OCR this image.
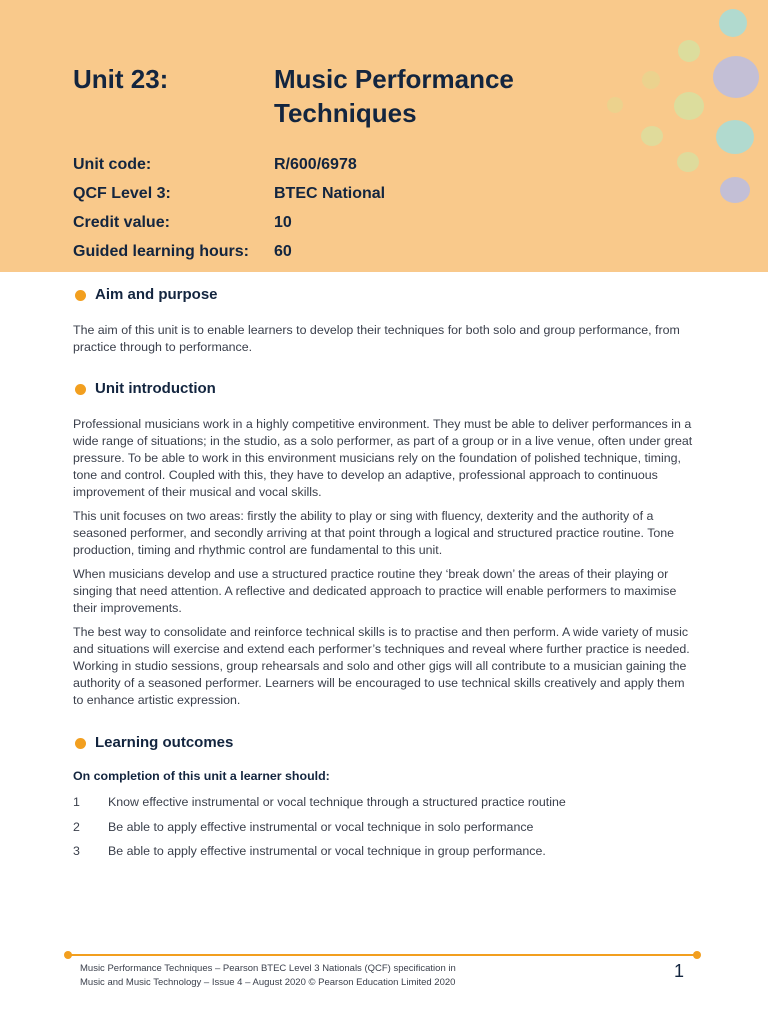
Unit 23:	Music Performance Techniques
Unit code:	R/600/6978
QCF Level 3:	BTEC National
Credit value:	10
Guided learning hours:	60
Aim and purpose

The aim of this unit is to enable learners to develop their techniques for both solo and group performance, from practice through to performance.

Unit introduction

Professional musicians work in a highly competitive environment. They must be able to deliver performances in a wide range of situations; in the studio, as a solo performer, as part of a group or in a live venue, often under great pressure. To be able to work in this environment musicians rely on the foundation of polished technique, timing, tone and control. Coupled with this, they have to develop an adaptive, professional approach to continuous improvement of their musical and vocal skills.

This unit focuses on two areas: firstly the ability to play or sing with fluency, dexterity and the authority of a seasoned performer, and secondly arriving at that point through a logical and structured practice routine. Tone production, timing and rhythmic control are fundamental to this unit.

When musicians develop and use a structured practice routine they ‘break down’ the areas of their playing or singing that need attention. A reflective and dedicated approach to practice will enable performers to maximise their improvements.

The best way to consolidate and reinforce technical skills is to practise and then perform. A wide variety of music and situations will exercise and extend each performer’s techniques and reveal where further practice is needed. Working in studio sessions, group rehearsals and solo and other gigs will all contribute to a musician gaining the authority of a seasoned performer. Learners will be encouraged to use technical skills creatively and apply them to enhance artistic expression.

Learning outcomes

On completion of this unit a learner should:

1	Know effective instrumental or vocal technique through a structured practice routine
2	Be able to apply effective instrumental or vocal technique in solo performance
3	Be able to apply effective instrumental or vocal technique in group performance.

Music Performance Techniques – Pearson BTEC Level 3 Nationals (QCF) specification in
Music and Music Technology – Issue 4 – August 2020 © Pearson Education Limited 2020

1
